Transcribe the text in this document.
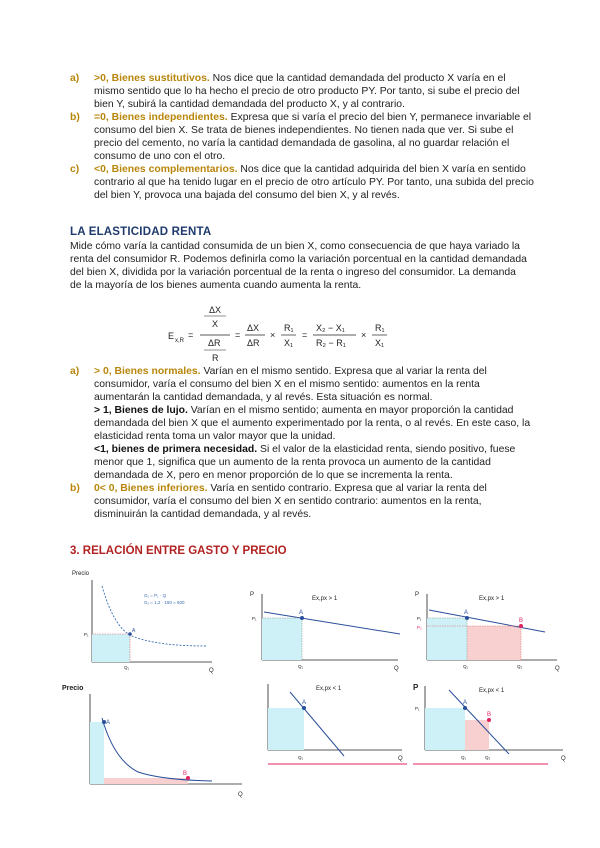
a) >0, Bienes sustitutivos. Nos dice que la cantidad demandada del producto X varía en el mismo sentido que lo ha hecho el precio de otro producto PY. Por tanto, si sube el precio del bien Y, subirá la cantidad demandada del producto X, y al contrario.
b) =0, Bienes independientes. Expresa que si varía el precio del bien Y, permanece invariable el consumo del bien X. Se trata de bienes independientes. No tienen nada que ver. Si sube el precio del cemento, no varía la cantidad demandada de gasolina, al no guardar relación el consumo de uno con el otro.
c) <0, Bienes complementarios. Nos dice que la cantidad adquirida del bien X varía en sentido contrario al que ha tenido lugar en el precio de otro artículo PY. Por tanto, una subida del precio del bien Y, provoca una bajada del consumo del bien X, y al revés.
LA ELASTICIDAD RENTA
Mide cómo varía la cantidad consumida de un bien X, como consecuencia de que haya variado la renta del consumidor R. Podemos definirla como la variación porcentual en la cantidad demandada del bien X, dividida por la variación porcentual de la renta o ingreso del consumidor. La demanda de la mayoría de los bienes aumenta cuando aumenta la renta.
E x,R
=
ΔX
X
ΔR
R
=
ΔX
ΔR
×
R₁
X₁
=
X₂ − X₁
R₂ − R₁
×
R₁
X₁
a) > 0, Bienes normales. Varían en el mismo sentido. Expresa que al variar la renta del consumidor, varía el consumo del bien X en el mismo sentido: aumentos en la renta aumentarán la cantidad demandada, y al revés. Esta situación es normal.
> 1, Bienes de lujo. Varían en el mismo sentido; aumenta en mayor proporción la cantidad demandada del bien X que el aumento experimentado por la renta, o al revés. En este caso, la elasticidad renta toma un valor mayor que la unidad.
<1, bienes de primera necesidad. Si el valor de la elasticidad renta, siendo positivo, fuese menor que 1, significa que un aumento de la renta provoca un aumento de la cantidad demandada de X, pero en menor proporción de lo que se incrementa la renta.
b) 0< 0, Bienes inferiores. Varía en sentido contrario. Expresa que al variar la renta del consumidor, varía el consumo del bien X en sentido contrario: aumentos en la renta, disminuirán la cantidad demandada, y al revés.
3. RELACIÓN ENTRE GASTO Y PRECIO
Precio
A
P₁
Q₁
G₁ = P₁ · Q
G₁ = 1,2 · 150 = 600
Q
P
A
P₁
Q₁
Ex,px > 1
Q
P
A
B
P₁
P₂
Q₁	Q₂
Ex,px > 1
Q
Precio
A
B
Q
A
Q₁
Ex,px < 1
Q
P
A
B
P₁
Q₁	Q₂
Ex,px < 1
Q
